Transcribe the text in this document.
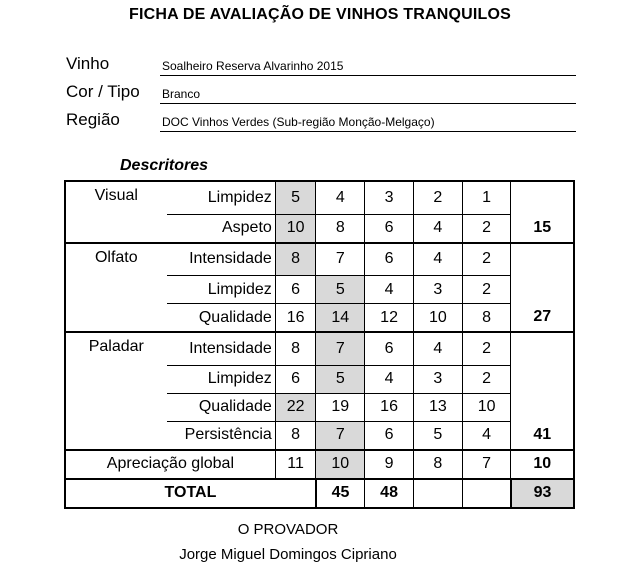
FICHA DE AVALIAÇÃO DE VINHOS TRANQUILOS
Vinho	Soalheiro Reserva Alvarinho 2015
Cor / Tipo Branco
Região	DOC Vinhos Verdes (Sub-região Monção-Melgaço)
Descritores
Visual	Limpidez	5	4	3	2	1	
	Aspeto	10	8	6	4	2	15
Olfato	Intensidade	8	7	6	4	2	
	Limpidez	6	5	4	3	2	
	Qualidade	16	14	12	10	8	27
Paladar	Intensidade	8	7	6	4	2	
	Limpidez	6	5	4	3	2	
	Qualidade	22	19	16	13	10	
	Persistência	8	7	6	5	4	41
Apreciação global		11	10	9	8	7	10
TOTAL			45	48			93
O PROVADOR
Jorge Miguel Domingos Cipriano
